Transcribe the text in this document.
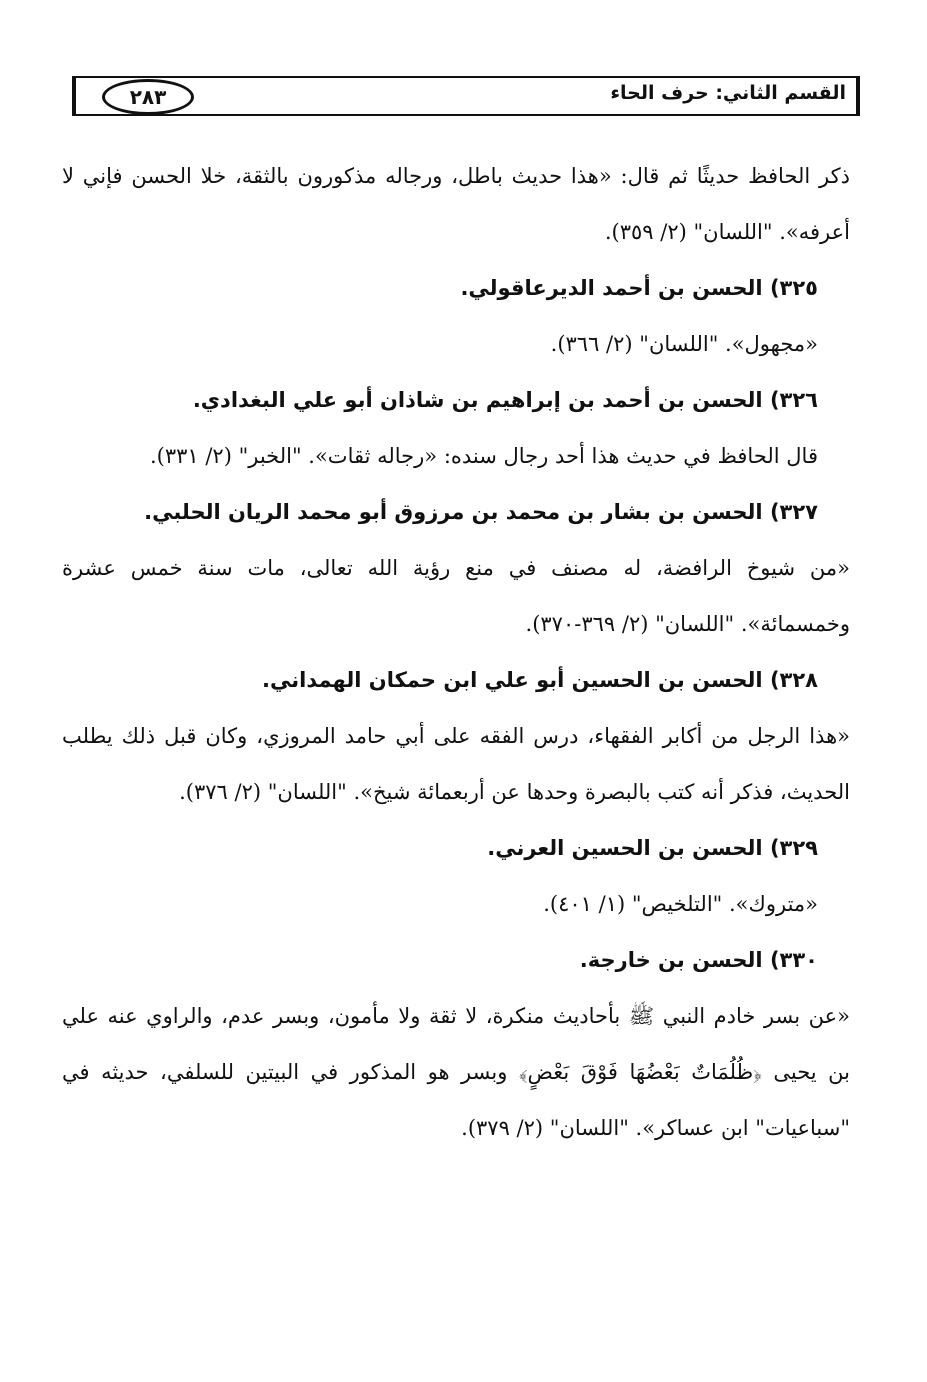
القسم الثاني: حرف الحاء
٢٨٣

ذكر الحافظ حديثًا ثم قال: «هذا حديث باطل، ورجاله مذكورون بالثقة، خلا الحسن فإني لا أعرفه». "اللسان" (٢/ ٣٥٩).

٣٢٥) الحسن بن أحمد الديرعاقولي.

«مجهول». "اللسان" (٢/ ٣٦٦).

٣٢٦) الحسن بن أحمد بن إبراهيم بن شاذان أبو علي البغدادي.

قال الحافظ في حديث هذا أحد رجال سنده: «رجاله ثقات». "الخبر" (٢/ ٣٣١).

٣٢٧) الحسن بن بشار بن محمد بن مرزوق أبو محمد الريان الحلبي.

«من شيوخ الرافضة، له مصنف في منع رؤية الله تعالى، مات سنة خمس عشرة وخمسمائة». "اللسان" (٢/ ٣٦٩-٣٧٠).

٣٢٨) الحسن بن الحسين أبو علي ابن حمكان الهمداني.

«هذا الرجل من أكابر الفقهاء، درس الفقه على أبي حامد المروزي، وكان قبل ذلك يطلب الحديث، فذكر أنه كتب بالبصرة وحدها عن أربعمائة شيخ». "اللسان" (٢/ ٣٧٦).

٣٢٩) الحسن بن الحسين العرني.

«متروك». "التلخيص" (١/ ٤٠١).

٣٣٠) الحسن بن خارجة.

«عن بسر خادم النبي ﷺ بأحاديث منكرة، لا ثقة ولا مأمون، وبسر عدم، والراوي عنه علي بن يحيى ﴿ظُلُمَاتٌ بَعْضُهَا فَوْقَ بَعْضٍ﴾ وبسر هو المذكور في البيتين للسلفي، حديثه في "سباعيات" ابن عساكر». "اللسان" (٢/ ٣٧٩).
